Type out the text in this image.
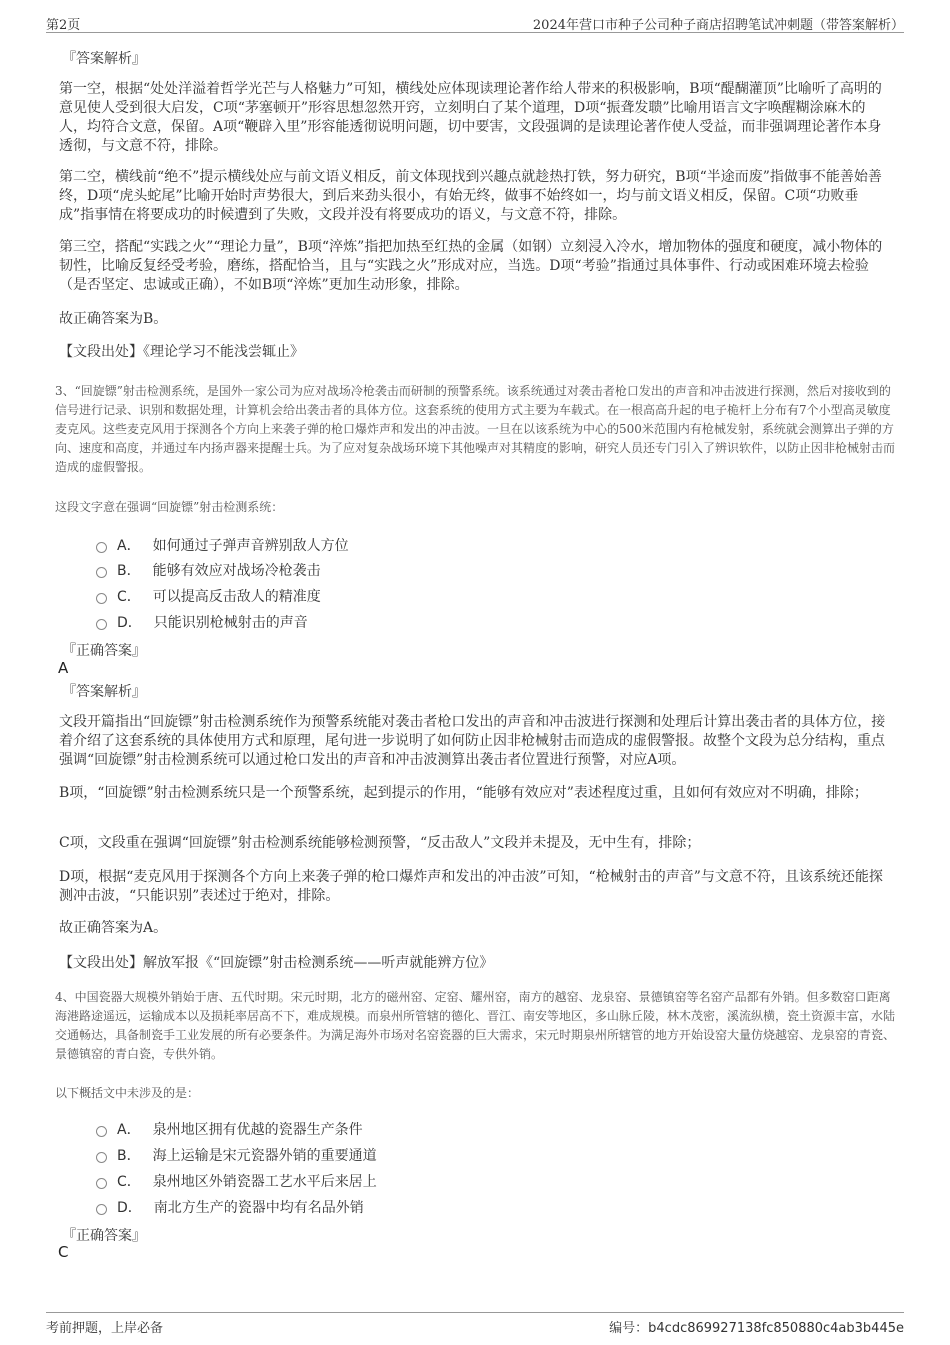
第2页	2024年营口市种子公司种子商店招聘笔试冲刺题（带答案解析）
『答案解析』

第一空，根据“处处洋溢着哲学光芒与人格魅力”可知，横线处应体现读理论著作给人带来的积极影响，B项“醍醐灌顶”比喻听了高明的意见使人受到很大启发，C项“茅塞顿开”形容思想忽然开窍，立刻明白了某个道理，D项“振聋发聩”比喻用语言文字唤醒糊涂麻木的人，均符合文意，保留。A项“鞭辟入里”形容能透彻说明问题，切中要害，文段强调的是读理论著作使人受益，而非强调理论著作本身透彻，与文意不符，排除。

第二空，横线前“绝不”提示横线处应与前文语义相反，前文体现找到兴趣点就趁热打铁，努力研究，B项“半途而废”指做事不能善始善终，D项“虎头蛇尾”比喻开始时声势很大，到后来劲头很小，有始无终，做事不始终如一，均与前文语义相反，保留。C项“功败垂成”指事情在将要成功的时候遭到了失败，文段并没有将要成功的语义，与文意不符，排除。

第三空，搭配“实践之火”“理论力量”，B项“淬炼”指把加热至红热的金属（如钢）立刻浸入冷水，增加物体的强度和硬度，减小物体的韧性，比喻反复经受考验，磨练，搭配恰当，且与“实践之火”形成对应，当选。D项“考验”指通过具体事件、行动或困难环境去检验（是否坚定、忠诚或正确），不如B项“淬炼”更加生动形象，排除。

故正确答案为B。

【文段出处】《理论学习不能浅尝辄止》

3、“回旋镖”射击检测系统，是国外一家公司为应对战场冷枪袭击而研制的预警系统。该系统通过对袭击者枪口发出的声音和冲击波进行探测，然后对接收到的信号进行记录、识别和数据处理，计算机会给出袭击者的具体方位。这套系统的使用方式主要为车载式。在一根高高升起的电子桅杆上分布有7个小型高灵敏度麦克风。这些麦克风用于探测各个方向上来袭子弹的枪口爆炸声和发出的冲击波。一旦在以该系统为中心的500米范围内有枪械发射，系统就会测算出子弹的方向、速度和高度，并通过车内扬声器来提醒士兵。为了应对复杂战场环境下其他噪声对其精度的影响，研究人员还专门引入了辨识软件，以防止因非枪械射击而造成的虚假警报。

这段文字意在强调“回旋镖”射击检测系统：

A． 如何通过子弹声音辨别敌人方位
B． 能够有效应对战场冷枪袭击
C． 可以提高反击敌人的精准度
D． 只能识别枪械射击的声音
『正确答案』
A
『答案解析』

文段开篇指出“回旋镖”射击检测系统作为预警系统能对袭击者枪口发出的声音和冲击波进行探测和处理后计算出袭击者的具体方位，接着介绍了这套系统的具体使用方式和原理，尾句进一步说明了如何防止因非枪械射击而造成的虚假警报。故整个文段为总分结构，重点强调“回旋镖”射击检测系统可以通过枪口发出的声音和冲击波测算出袭击者位置进行预警，对应A项。

B项，“回旋镖”射击检测系统只是一个预警系统，起到提示的作用，“能够有效应对”表述程度过重，且如何有效应对不明确，排除；

C项，文段重在强调“回旋镖”射击检测系统能够检测预警，“反击敌人”文段并未提及，无中生有，排除；

D项，根据“麦克风用于探测各个方向上来袭子弹的枪口爆炸声和发出的冲击波”可知，“枪械射击的声音”与文意不符，且该系统还能探测冲击波，“只能识别”表述过于绝对，排除。

故正确答案为A。

【文段出处】解放军报《“回旋镖”射击检测系统——听声就能辨方位》

4、中国瓷器大规模外销始于唐、五代时期。宋元时期，北方的磁州窑、定窑、耀州窑，南方的越窑、龙泉窑、景德镇窑等名窑产品都有外销。但多数窑口距离海港路途遥远，运输成本以及损耗率居高不下，难成规模。而泉州所管辖的德化、晋江、南安等地区，多山脉丘陵，林木茂密，溪流纵横，瓷土资源丰富，水陆交通畅达，具备制瓷手工业发展的所有必要条件。为满足海外市场对名窑瓷器的巨大需求，宋元时期泉州所辖管的地方开始设窑大量仿烧越窑、龙泉窑的青瓷、景德镇窑的青白瓷，专供外销。

以下概括文中未涉及的是：

A． 泉州地区拥有优越的瓷器生产条件
B． 海上运输是宋元瓷器外销的重要通道
C． 泉州地区外销瓷器工艺水平后来居上
D． 南北方生产的瓷器中均有名品外销
『正确答案』
C
考前押题，上岸必备	编号：b4cdc869927138fc850880c4ab3b445e
